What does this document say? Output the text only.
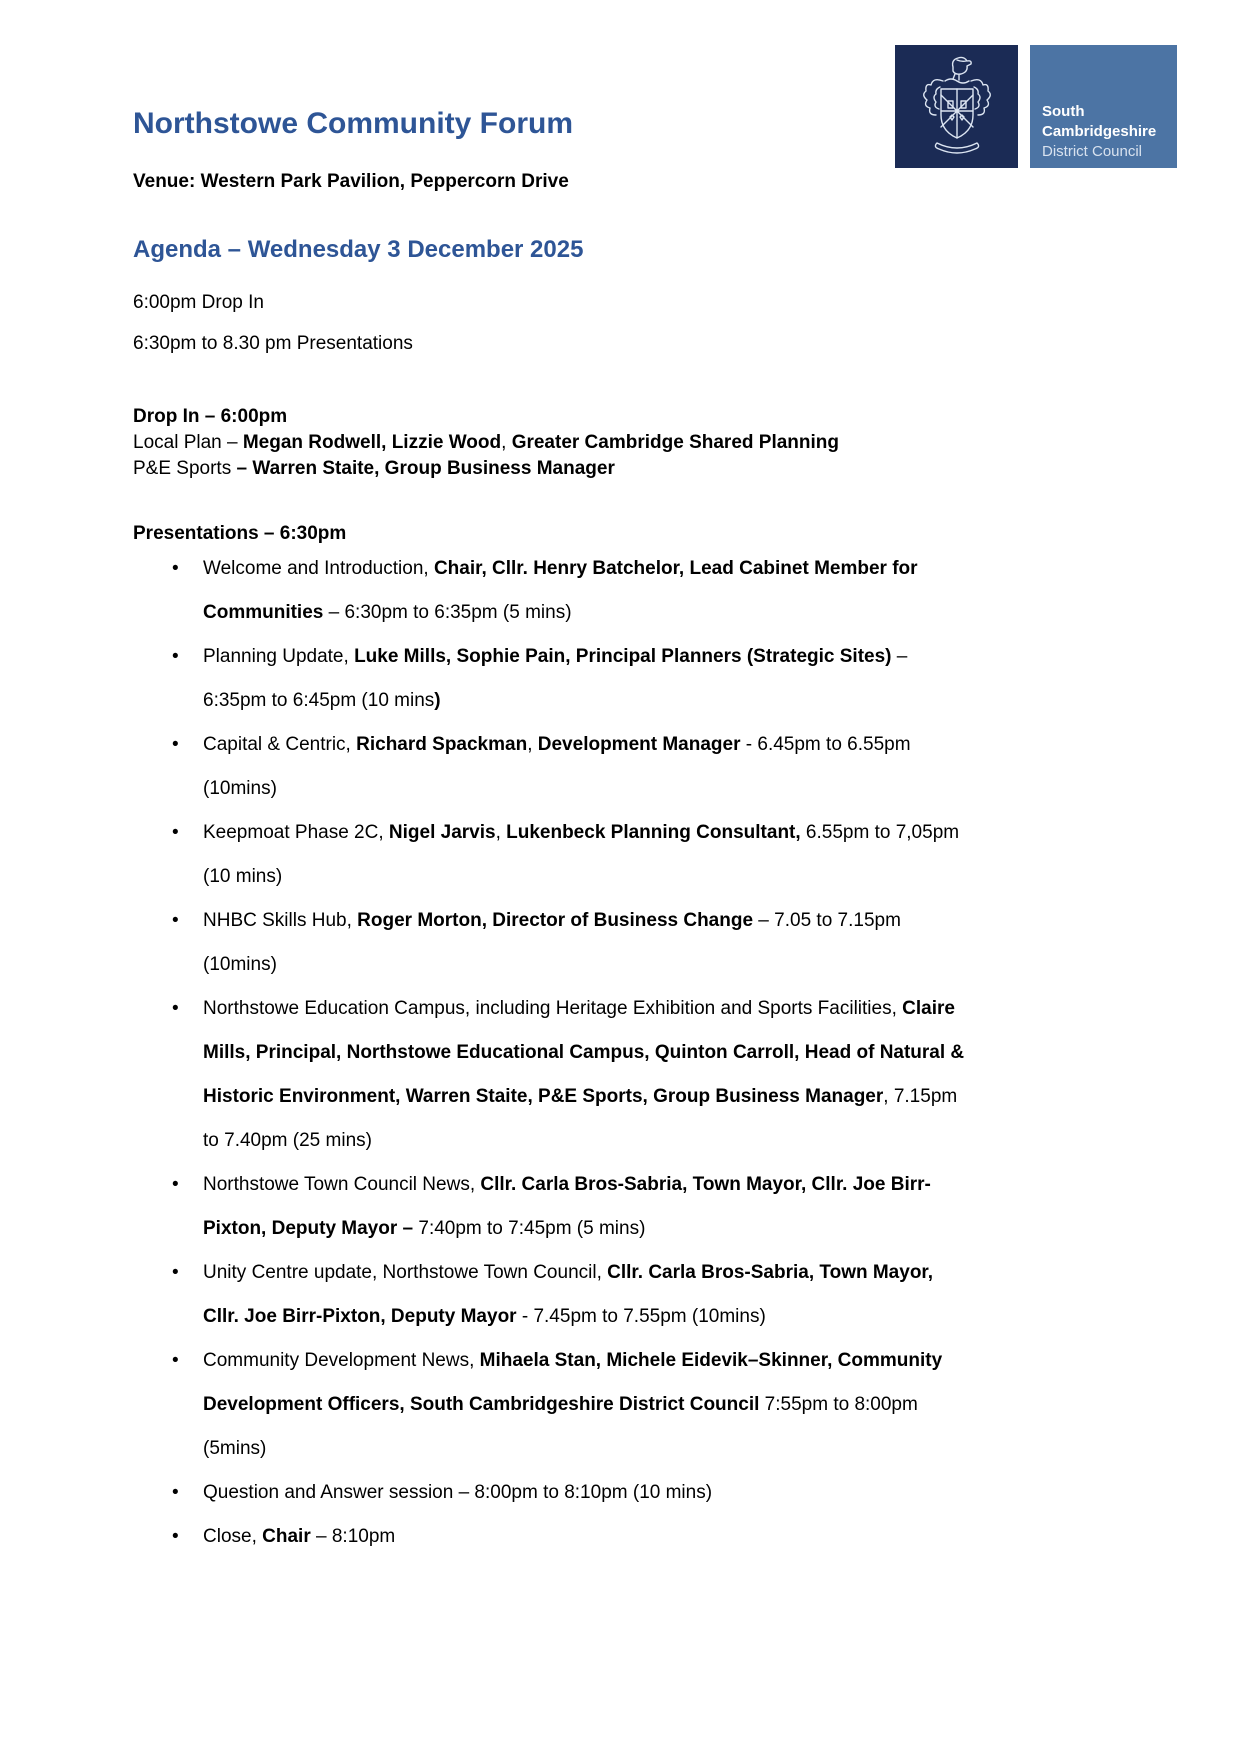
South
Cambridgeshire
District Council
Northstowe Community Forum

Venue: Western Park Pavilion, Peppercorn Drive

Agenda – Wednesday 3 December 2025

6:00pm Drop In

6:30pm to 8.30 pm Presentations

Drop In – 6:00pm

Local Plan – Megan Rodwell, Lizzie Wood, Greater Cambridge Shared Planning
P&E Sports – Warren Staite, Group Business Manager

Presentations – 6:30pm

• Welcome and Introduction, Chair, Cllr. Henry Batchelor, Lead Cabinet Member for Communities – 6:30pm to 6:35pm (5 mins)
• Planning Update, Luke Mills, Sophie Pain, Principal Planners (Strategic Sites) – 6:35pm to 6:45pm (10 mins)
• Capital & Centric, Richard Spackman, Development Manager - 6.45pm to 6.55pm (10mins)
• Keepmoat Phase 2C, Nigel Jarvis, Lukenbeck Planning Consultant, 6.55pm to 7,05pm (10 mins)
• NHBC Skills Hub, Roger Morton, Director of Business Change – 7.05 to 7.15pm (10mins)
• Northstowe Education Campus, including Heritage Exhibition and Sports Facilities, Claire Mills, Principal, Northstowe Educational Campus, Quinton Carroll, Head of Natural & Historic Environment, Warren Staite, P&E Sports, Group Business Manager, 7.15pm to 7.40pm (25 mins)
• Northstowe Town Council News, Cllr. Carla Bros-Sabria, Town Mayor, Cllr. Joe Birr-Pixton, Deputy Mayor – 7:40pm to 7:45pm (5 mins)
• Unity Centre update, Northstowe Town Council, Cllr. Carla Bros-Sabria, Town Mayor, Cllr. Joe Birr-Pixton, Deputy Mayor - 7.45pm to 7.55pm (10mins)
• Community Development News, Mihaela Stan, Michele Eidevik–Skinner, Community Development Officers, South Cambridgeshire District Council 7:55pm to 8:00pm (5mins)
• Question and Answer session – 8:00pm to 8:10pm (10 mins)
• Close, Chair – 8:10pm
